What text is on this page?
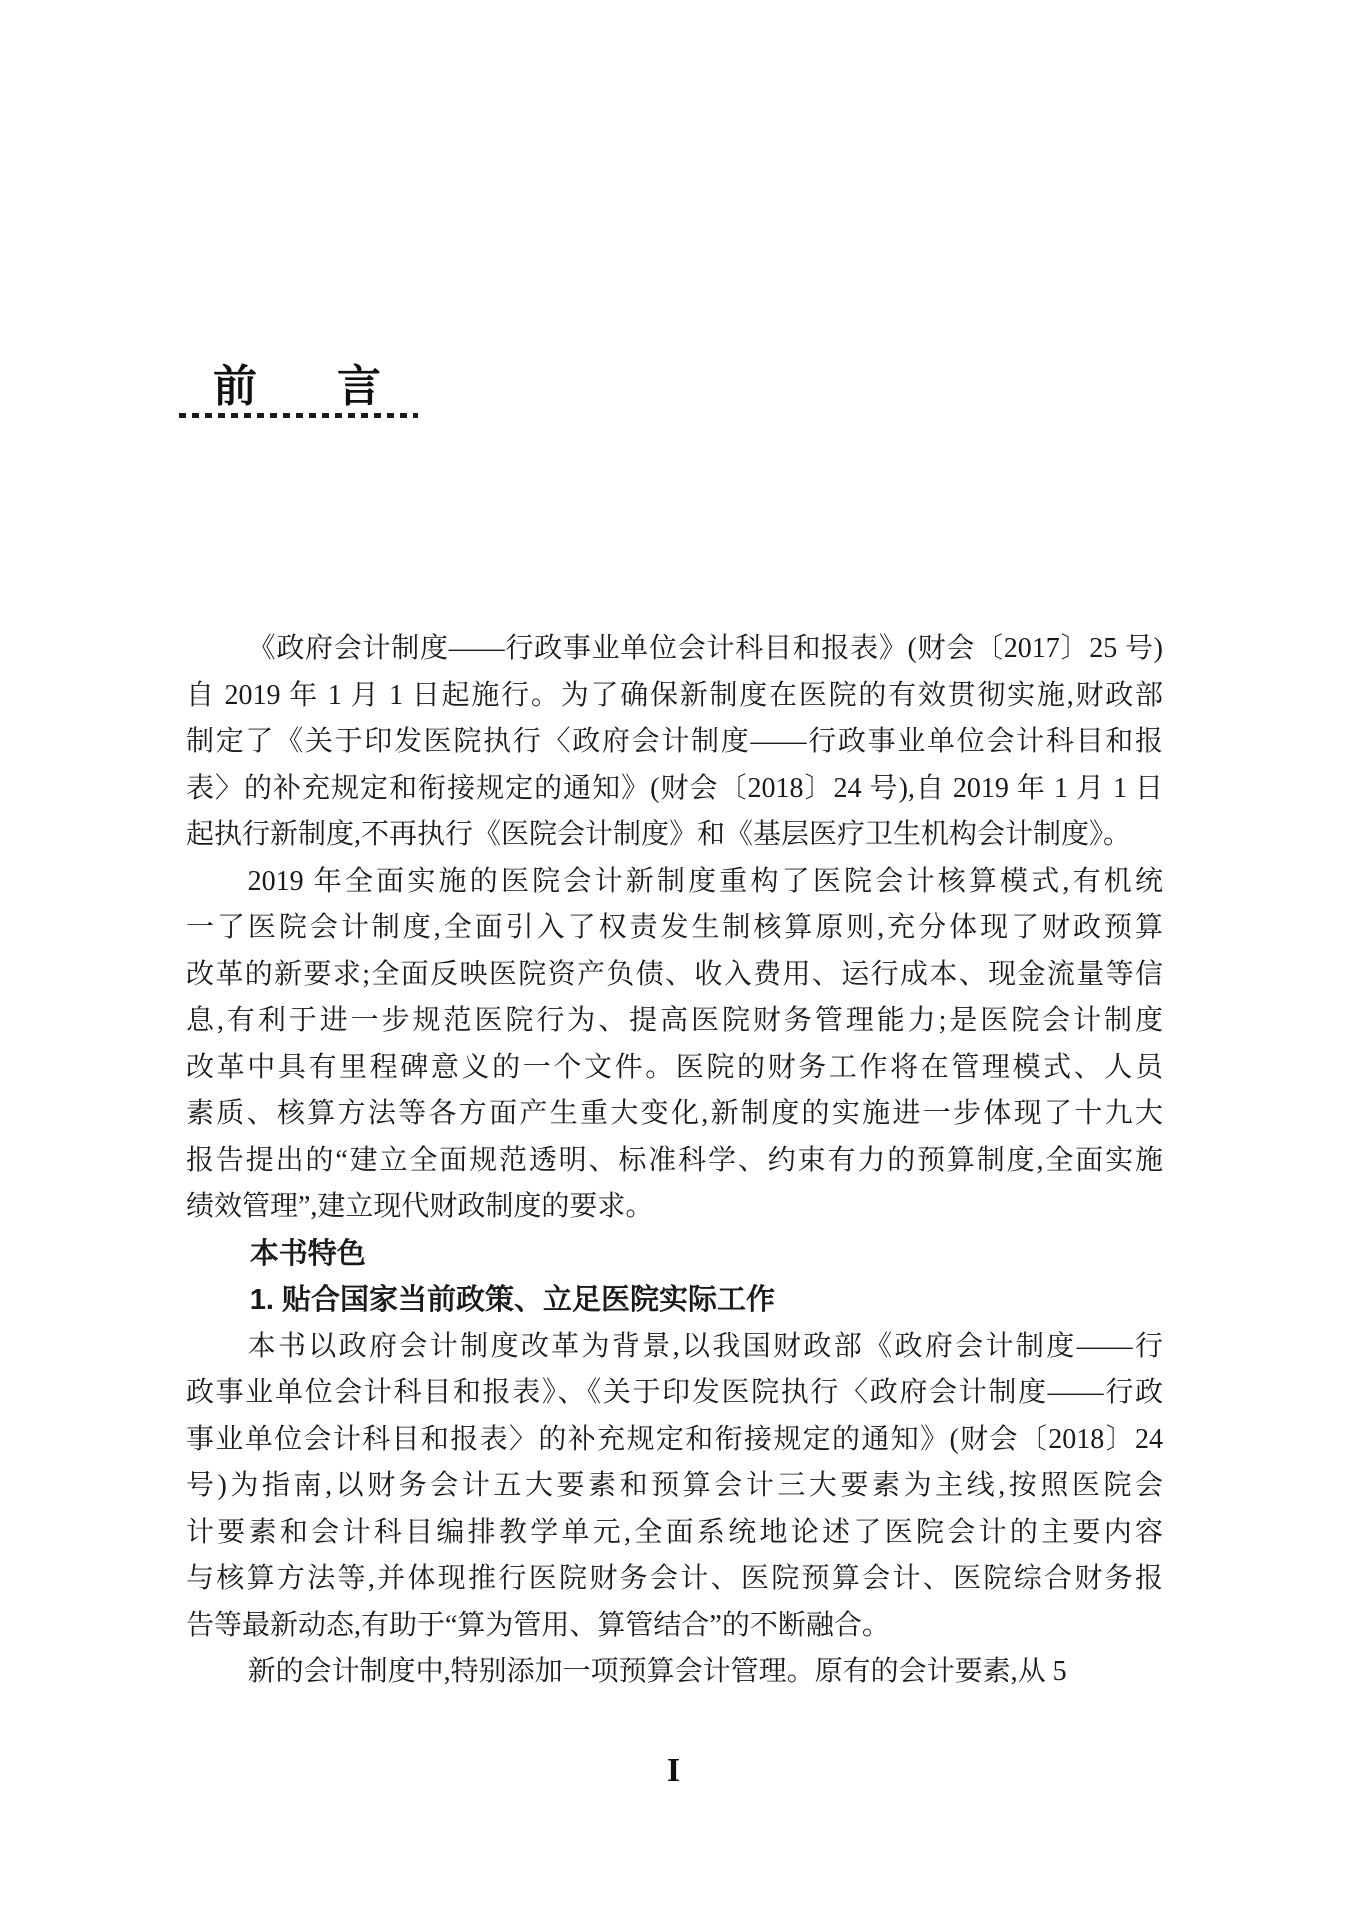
前　言
《政府会计制度——行政事业单位会计科目和报表》(财会〔2017〕25 号)
自 2019 年 1 月 1 日起施行。为了确保新制度在医院的有效贯彻实施,财政部
制定了《关于印发医院执行〈政府会计制度——行政事业单位会计科目和报
表〉的补充规定和衔接规定的通知》(财会〔2018〕24 号),自 2019 年 1 月 1 日
起执行新制度,不再执行《医院会计制度》和《基层医疗卫生机构会计制度》。
2019 年全面实施的医院会计新制度重构了医院会计核算模式,有机统
一了医院会计制度,全面引入了权责发生制核算原则,充分体现了财政预算
改革的新要求;全面反映医院资产负债、收入费用、运行成本、现金流量等信
息,有利于进一步规范医院行为、提高医院财务管理能力;是医院会计制度
改革中具有里程碑意义的一个文件。医院的财务工作将在管理模式、人员
素质、核算方法等各方面产生重大变化,新制度的实施进一步体现了十九大
报告提出的“建立全面规范透明、标准科学、约束有力的预算制度,全面实施
绩效管理”,建立现代财政制度的要求。
本书特色
1. 贴合国家当前政策、立足医院实际工作
本书以政府会计制度改革为背景,以我国财政部《政府会计制度——行
政事业单位会计科目和报表》、《关于印发医院执行〈政府会计制度——行政
事业单位会计科目和报表〉的补充规定和衔接规定的通知》(财会〔2018〕24
号)为指南,以财务会计五大要素和预算会计三大要素为主线,按照医院会
计要素和会计科目编排教学单元,全面系统地论述了医院会计的主要内容
与核算方法等,并体现推行医院财务会计、医院预算会计、医院综合财务报
告等最新动态,有助于“算为管用、算管结合”的不断融合。
新的会计制度中,特别添加一项预算会计管理。原有的会计要素,从 5
I
